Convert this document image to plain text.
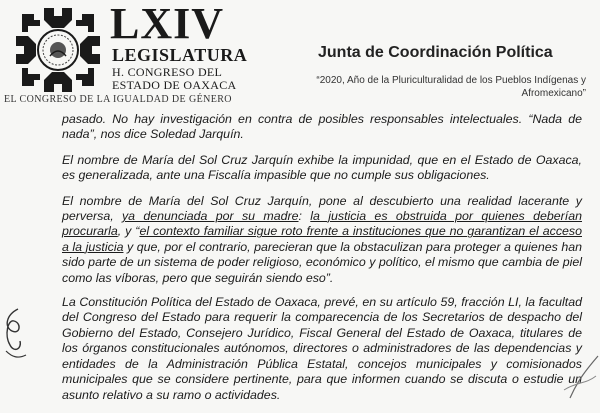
LXIV
LEGISLATURA
H. CONGRESO DEL
ESTADO DE OAXACA
EL CONGRESO DE LA IGUALDAD DE GÉNERO
Junta de Coordinación Política
“2020, Año de la Pluriculturalidad de los Pueblos Indígenas y
Afromexicano”

pasado. No hay investigación en contra de posibles responsables intelectuales. “Nada de nada”, nos dice Soledad Jarquín.

El nombre de María del Sol Cruz Jarquín exhibe la impunidad, que en el Estado de Oaxaca, es generalizada, ante una Fiscalía impasible que no cumple sus obligaciones.

El nombre de María del Sol Cruz Jarquín, pone al descubierto una realidad lacerante y perversa, ya denunciada por su madre: la justicia es obstruida por quienes deberían procurarla, y “el contexto familiar sigue roto frente a instituciones que no garantizan el acceso a la justicia y que, por el contrario, parecieran que la obstaculizan para proteger a quienes han sido parte de un sistema de poder religioso, económico y político, el mismo que cambia de piel como las víboras, pero que seguirán siendo eso”.

La Constitución Política del Estado de Oaxaca, prevé, en su artículo 59, fracción LI, la facultad del Congreso del Estado para requerir la comparecencia de los Secretarios de despacho del Gobierno del Estado, Consejero Jurídico, Fiscal General del Estado de Oaxaca, titulares de los órganos constitucionales autónomos, directores o administradores de las dependencias y entidades de la Administración Pública Estatal, concejos municipales y comisionados municipales que se considere pertinente, para que informen cuando se discuta o estudie un asunto relativo a su ramo o actividades.
